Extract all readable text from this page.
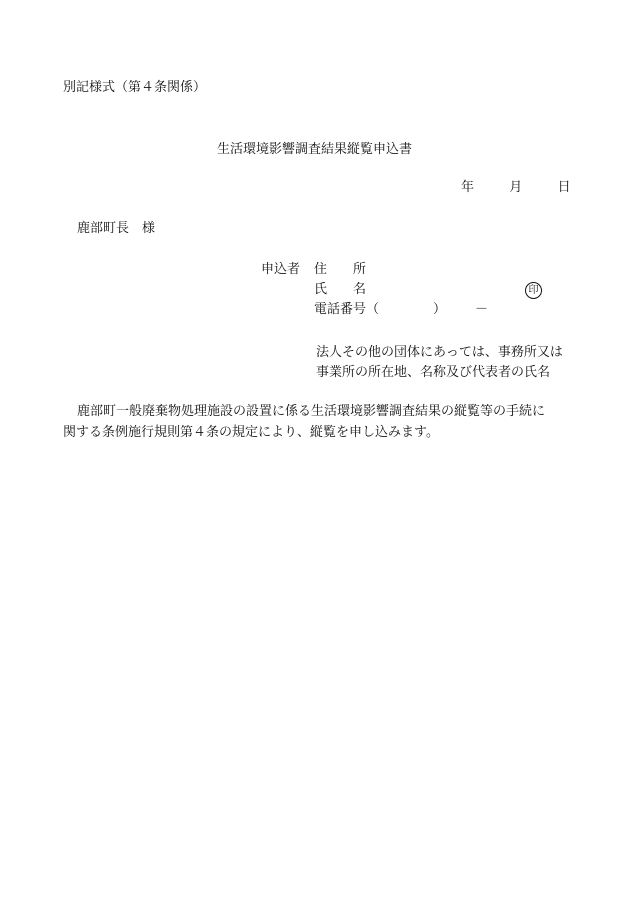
別記様式（第４条関係）
生活環境影響調査結果縦覧申込書
年	月	日
鹿部町長　様
申込者 住　　所
氏　　名	印
電話番号（	） －
法人その他の団体にあっては、事務所又は
事業所の所在地、名称及び代表者の氏名
鹿部町一般廃棄物処理施設の設置に係る生活環境影響調査結果の縦覧等の手続に
関する条例施行規則第４条の規定により、縦覧を申し込みます。
